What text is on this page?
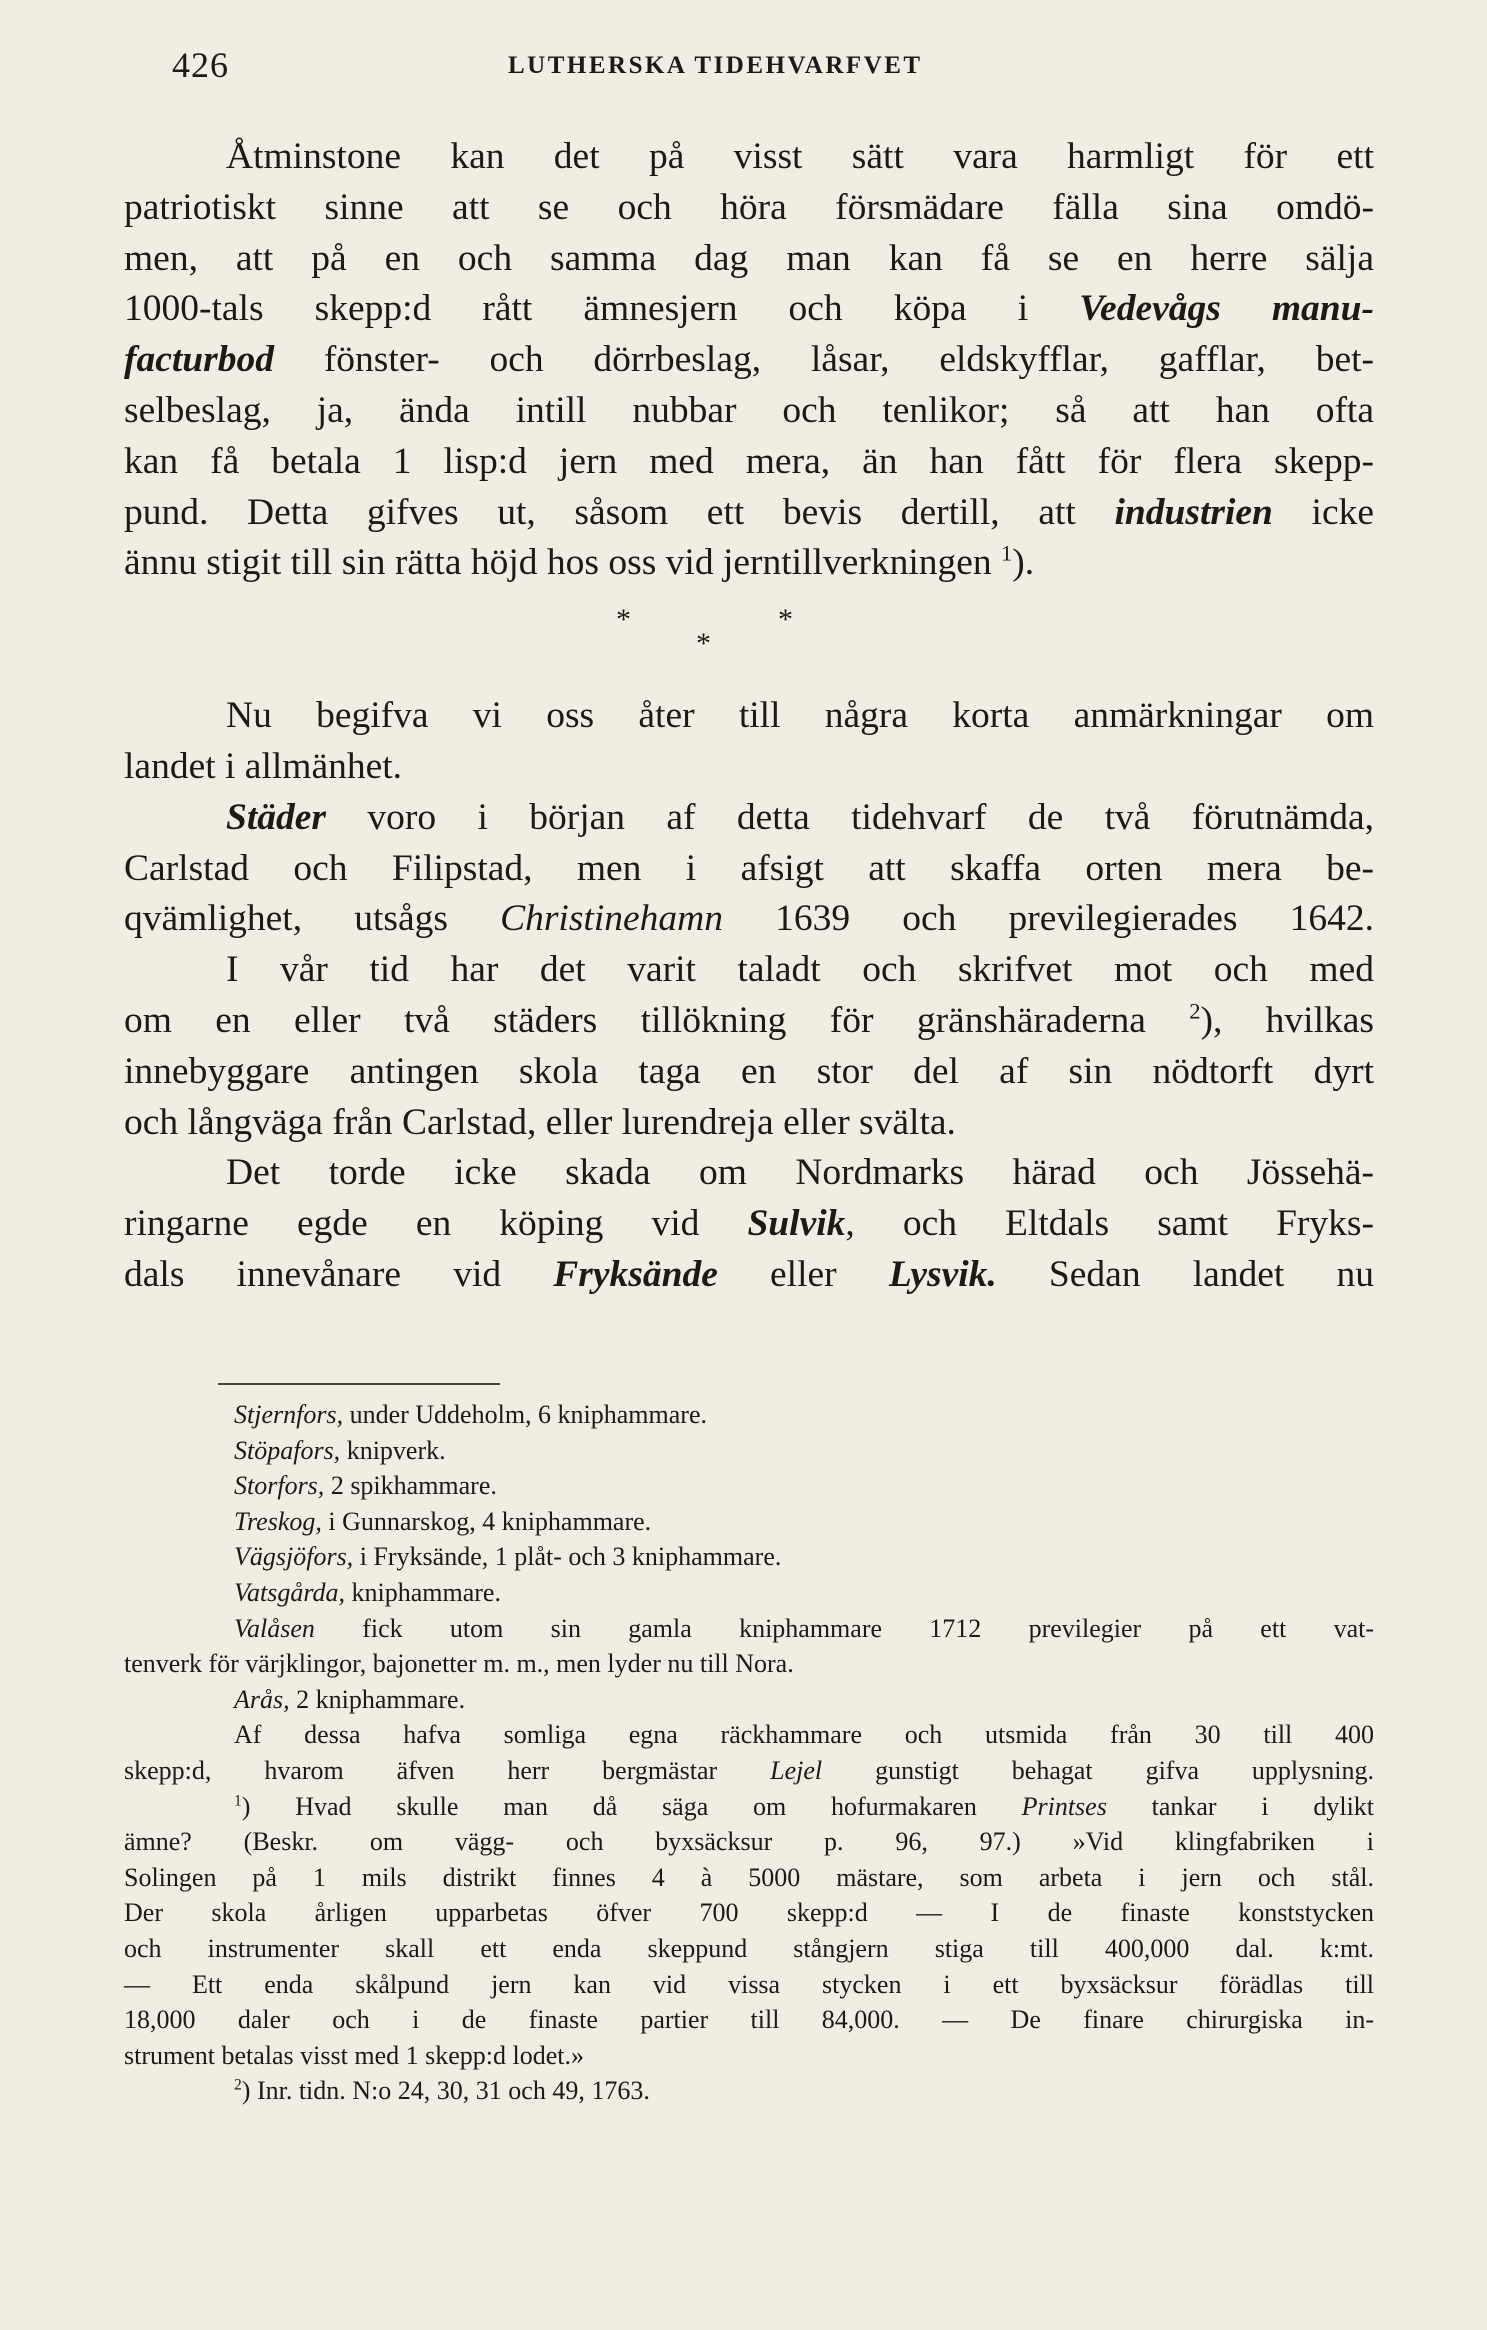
426	LUTHERSKA TIDEHVARFVET
Åtminstone kan det på visst sätt vara harmligt för ett
patriotiskt sinne att se och höra försmädare fälla sina omdö-
men, att på en och samma dag man kan få se en herre sälja
1000-tals skepp:d rått ämnesjern och köpa i Vedevågs manu-
facturbod fönster- och dörrbeslag, låsar, eldskyfflar, gafflar, bet-
selbeslag, ja, ända intill nubbar och tenlikor; så att han ofta
kan få betala 1 lisp:d jern med mera, än han fått för flera skepp-
pund. Detta gifves ut, såsom ett bevis dertill, att industrien icke
ännu stigit till sin rätta höjd hos oss vid jerntillverkningen $^1$).
*
*
*
Nu begifva vi oss åter till några korta anmärkningar om
landet i allmänhet.
Städer voro i början af detta tidehvarf de två förutnämda,
Carlstad och Filipstad, men i afsigt att skaffa orten mera be-
qvämlighet, utsågs Christinehamn 1639 och previlegierades 1642.
I vår tid har det varit taladt och skrifvet mot och med
om en eller två städers tillökning för gränshäraderna $^2$), hvilkas
innebyggare antingen skola taga en stor del af sin nödtorft dyrt
och långväga från Carlstad, eller lurendreja eller svälta.
Det torde icke skada om Nordmarks härad och Jössehä-
ringarne egde en köping vid Sulvik, och Eltdals samt Fryks-
dals innevånare vid Fryksände eller Lysvik. Sedan landet nu
Stjernfors, under Uddeholm, 6 kniphammare.
Stöpafors, knipverk.
Storfors, 2 spikhammare.
Treskog, i Gunnarskog, 4 kniphammare.
Vägsjöfors, i Fryksände, 1 plåt- och 3 kniphammare.
Vatsgårda, kniphammare.
Valåsen fick utom sin gamla kniphammare 1712 previlegier på ett vat-
tenverk för värjklingor, bajonetter m. m., men lyder nu till Nora.
Arås, 2 kniphammare.
Af dessa hafva somliga egna räckhammare och utsmida från 30 till 400
skepp:d, hvarom äfven herr bergmästar Lejel gunstigt behagat gifva upplysning.
$^1$) Hvad skulle man då säga om hofurmakaren Printses tankar i dylikt
ämne? (Beskr. om vägg- och byxsäcksur p. 96, 97.) »Vid klingfabriken i
Solingen på 1 mils distrikt finnes 4 à 5000 mästare, som arbeta i jern och stål.
Der skola årligen upparbetas öfver 700 skepp:d — I de finaste konststycken
och instrumenter skall ett enda skeppund stångjern stiga till 400,000 dal. k:mt.
— Ett enda skålpund jern kan vid vissa stycken i ett byxsäcksur förädlas till
18,000 daler och i de finaste partier till 84,000. — De finare chirurgiska in-
strument betalas visst med 1 skepp:d lodet.»
$^2$) Inr. tidn. N:o 24, 30, 31 och 49, 1763.
